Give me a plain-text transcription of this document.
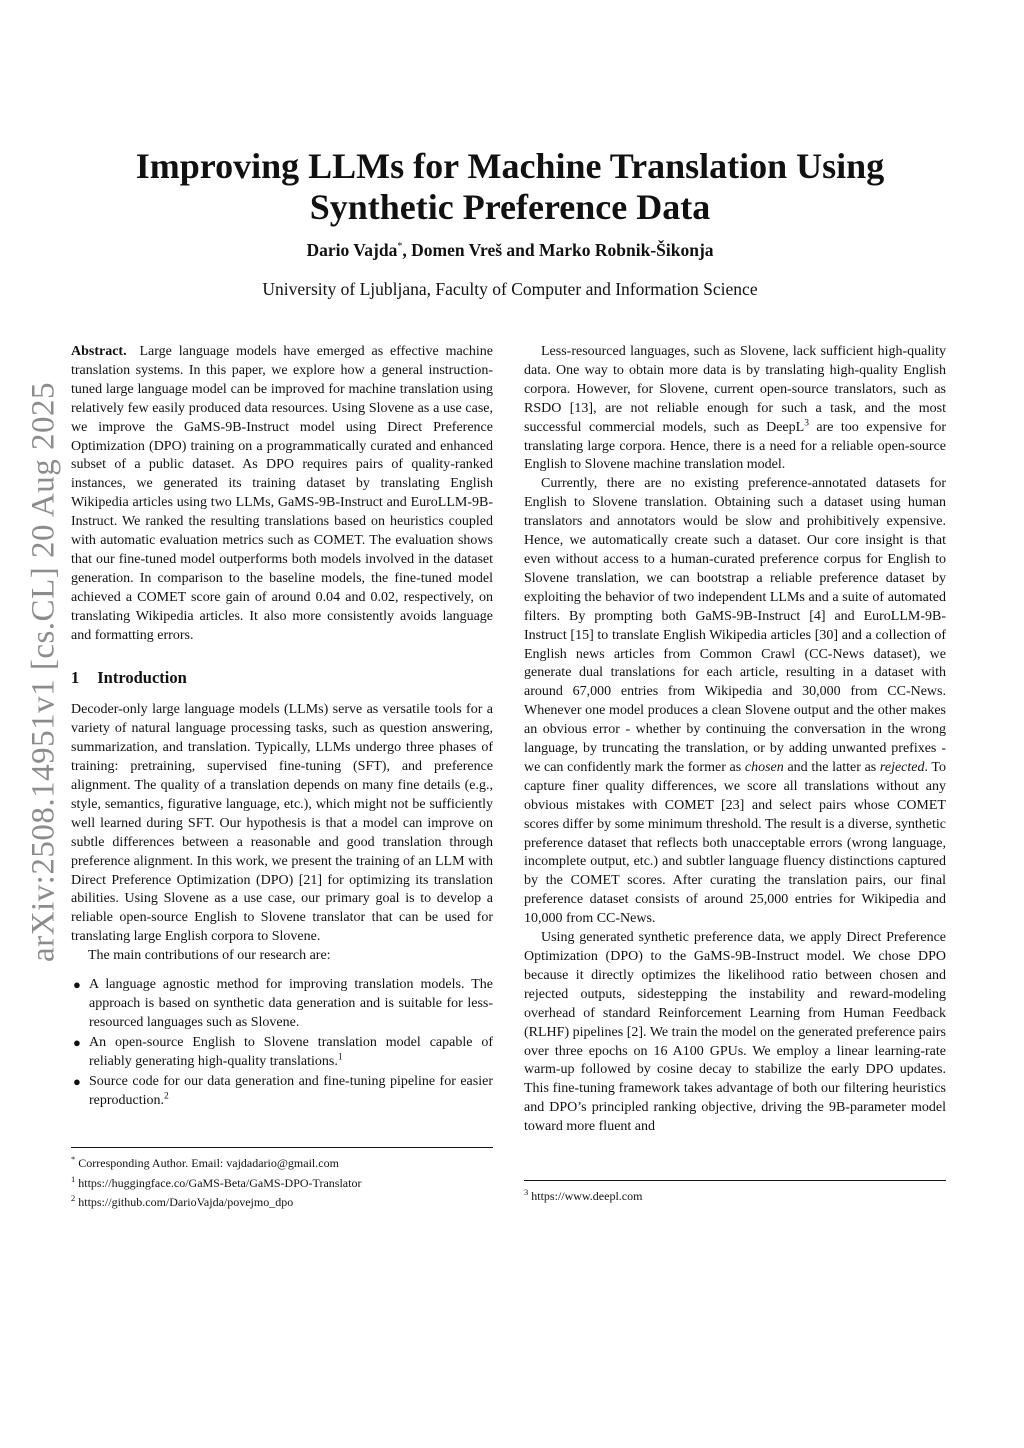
arXiv:2508.14951v1 [cs.CL] 20 Aug 2025
Improving LLMs for Machine Translation Using
Synthetic Preference Data
Dario Vajda*, Domen Vreš and Marko Robnik-Šikonja
University of Ljubljana, Faculty of Computer and Information Science

Abstract. Large language models have emerged as effective machine translation systems. In this paper, we explore how a general instruction-tuned large language model can be improved for machine translation using relatively few easily produced data resources. Using Slovene as a use case, we improve the GaMS-9B-Instruct model using Direct Preference Optimization (DPO) training on a programmatically curated and enhanced subset of a public dataset. As DPO requires pairs of quality-ranked instances, we generated its training dataset by translating English Wikipedia articles using two LLMs, GaMS-9B-Instruct and EuroLLM-9B-Instruct. We ranked the resulting translations based on heuristics coupled with automatic evaluation metrics such as COMET. The evaluation shows that our fine-tuned model outperforms both models involved in the dataset generation. In comparison to the baseline models, the fine-tuned model achieved a COMET score gain of around 0.04 and 0.02, respectively, on translating Wikipedia articles. It also more consistently avoids language and formatting errors.

1 Introduction

Decoder-only large language models (LLMs) serve as versatile tools for a variety of natural language processing tasks, such as question answering, summarization, and translation. Typically, LLMs undergo three phases of training: pretraining, supervised fine-tuning (SFT), and preference alignment. The quality of a translation depends on many fine details (e.g., style, semantics, figurative language, etc.), which might not be sufficiently well learned during SFT. Our hypothesis is that a model can improve on subtle differences between a reasonable and good translation through preference alignment. In this work, we present the training of an LLM with Direct Preference Optimization (DPO) [21] for optimizing its translation abilities. Using Slovene as a use case, our primary goal is to develop a reliable open-source English to Slovene translator that can be used for translating large English corpora to Slovene.

The main contributions of our research are:

● A language agnostic method for improving translation models. The approach is based on synthetic data generation and is suitable for less-resourced languages such as Slovene.
● An open-source English to Slovene translation model capable of reliably generating high-quality translations.$^1$
● Source code for our data generation and fine-tuning pipeline for easier reproduction.$^2$

Less-resourced languages, such as Slovene, lack sufficient high-quality data. One way to obtain more data is by translating high-quality English corpora. However, for Slovene, current open-source translators, such as RSDO [13], are not reliable enough for such a task, and the most successful commercial models, such as DeepL$^3$ are too expensive for translating large corpora. Hence, there is a need for a reliable open-source English to Slovene machine translation model.

Currently, there are no existing preference-annotated datasets for English to Slovene translation. Obtaining such a dataset using human translators and annotators would be slow and prohibitively expensive. Hence, we automatically create such a dataset. Our core insight is that even without access to a human-curated preference corpus for English to Slovene translation, we can bootstrap a reliable preference dataset by exploiting the behavior of two independent LLMs and a suite of automated filters. By prompting both GaMS-9B-Instruct [4] and EuroLLM-9B-Instruct [15] to translate English Wikipedia articles [30] and a collection of English news articles from Common Crawl (CC-News dataset), we generate dual translations for each article, resulting in a dataset with around 67,000 entries from Wikipedia and 30,000 from CC-News. Whenever one model produces a clean Slovene output and the other makes an obvious error - whether by continuing the conversation in the wrong language, by truncating the translation, or by adding unwanted prefixes - we can confidently mark the former as chosen and the latter as rejected. To capture finer quality differences, we score all translations without any obvious mistakes with COMET [23] and select pairs whose COMET scores differ by some minimum threshold. The result is a diverse, synthetic preference dataset that reflects both unacceptable errors (wrong language, incomplete output, etc.) and subtler language fluency distinctions captured by the COMET scores. After curating the translation pairs, our final preference dataset consists of around 25,000 entries for Wikipedia and 10,000 from CC-News.

Using generated synthetic preference data, we apply Direct Preference Optimization (DPO) to the GaMS-9B-Instruct model. We chose DPO because it directly optimizes the likelihood ratio between chosen and rejected outputs, sidestepping the instability and reward-modeling overhead of standard Reinforcement Learning from Human Feedback (RLHF) pipelines [2]. We train the model on the generated preference pairs over three epochs on 16 A100 GPUs. We employ a linear learning-rate warm-up followed by cosine decay to stabilize the early DPO updates. This fine-tuning framework takes advantage of both our filtering heuristics and DPO’s principled ranking objective, driving the 9B-parameter model toward more fluent and

* Corresponding Author. Email: vajdadario@gmail.com
$^1$ https://huggingface.co/GaMS-Beta/GaMS-DPO-Translator
$^2$ https://github.com/DarioVajda/povejmo_dpo
$^3$ https://www.deepl.com
